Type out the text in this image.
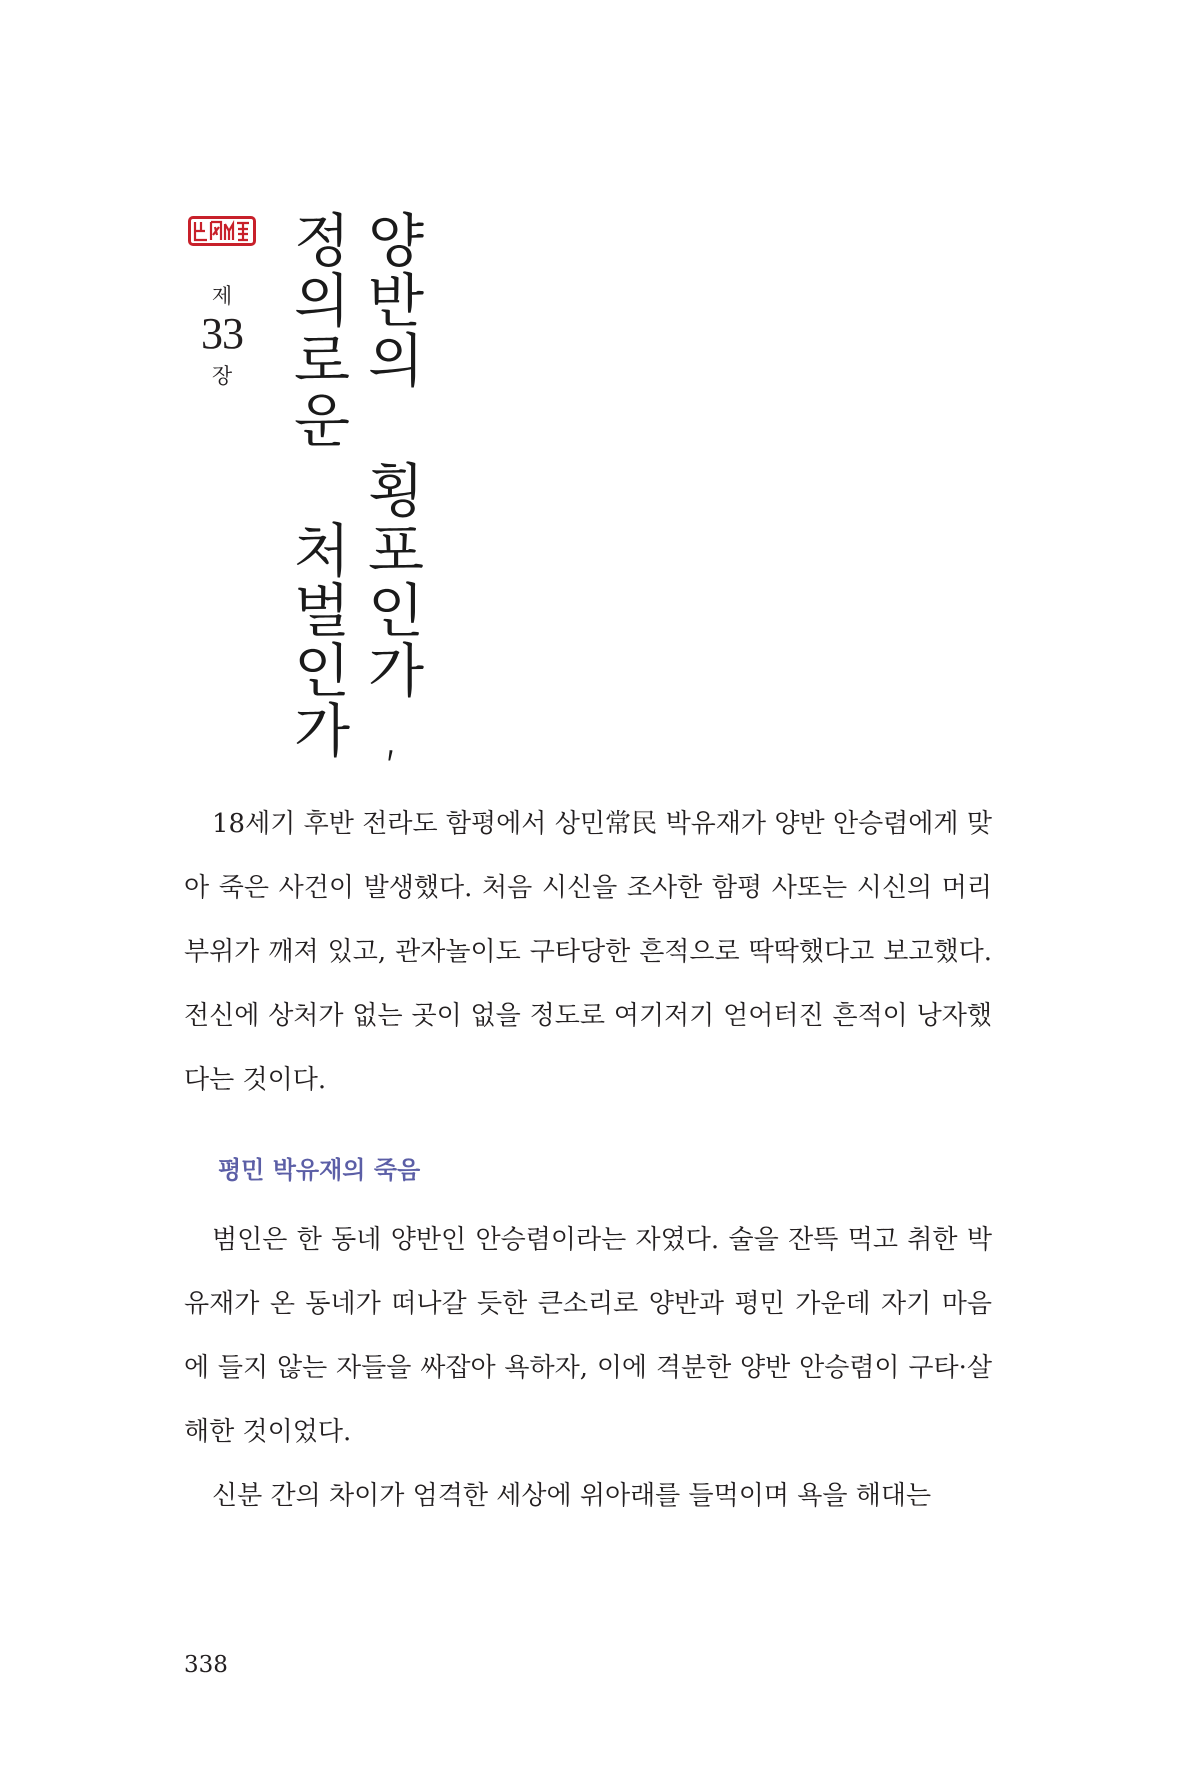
제
33
장	양반의 횡포인가,
정의로운 처벌인가

18세기 후반 전라도 함평에서 상민常民 박유재가 양반 안승렴에게 맞아 죽은 사건이 발생했다. 처음 시신을 조사한 함평 사또는 시신의 머리 부위가 깨져 있고, 관자놀이도 구타당한 흔적으로 딱딱했다고 보고했다. 전신에 상처가 없는 곳이 없을 정도로 여기저기 얻어터진 흔적이 낭자했다는 것이다.

평민 박유재의 죽음

범인은 한 동네 양반인 안승렴이라는 자였다. 술을 잔뜩 먹고 취한 박유재가 온 동네가 떠나갈 듯한 큰소리로 양반과 평민 가운데 자기 마음에 들지 않는 자들을 싸잡아 욕하자, 이에 격분한 양반 안승렴이 구타·살해한 것이었다.

신분 간의 차이가 엄격한 세상에 위아래를 들먹이며 욕을 해대는

338
